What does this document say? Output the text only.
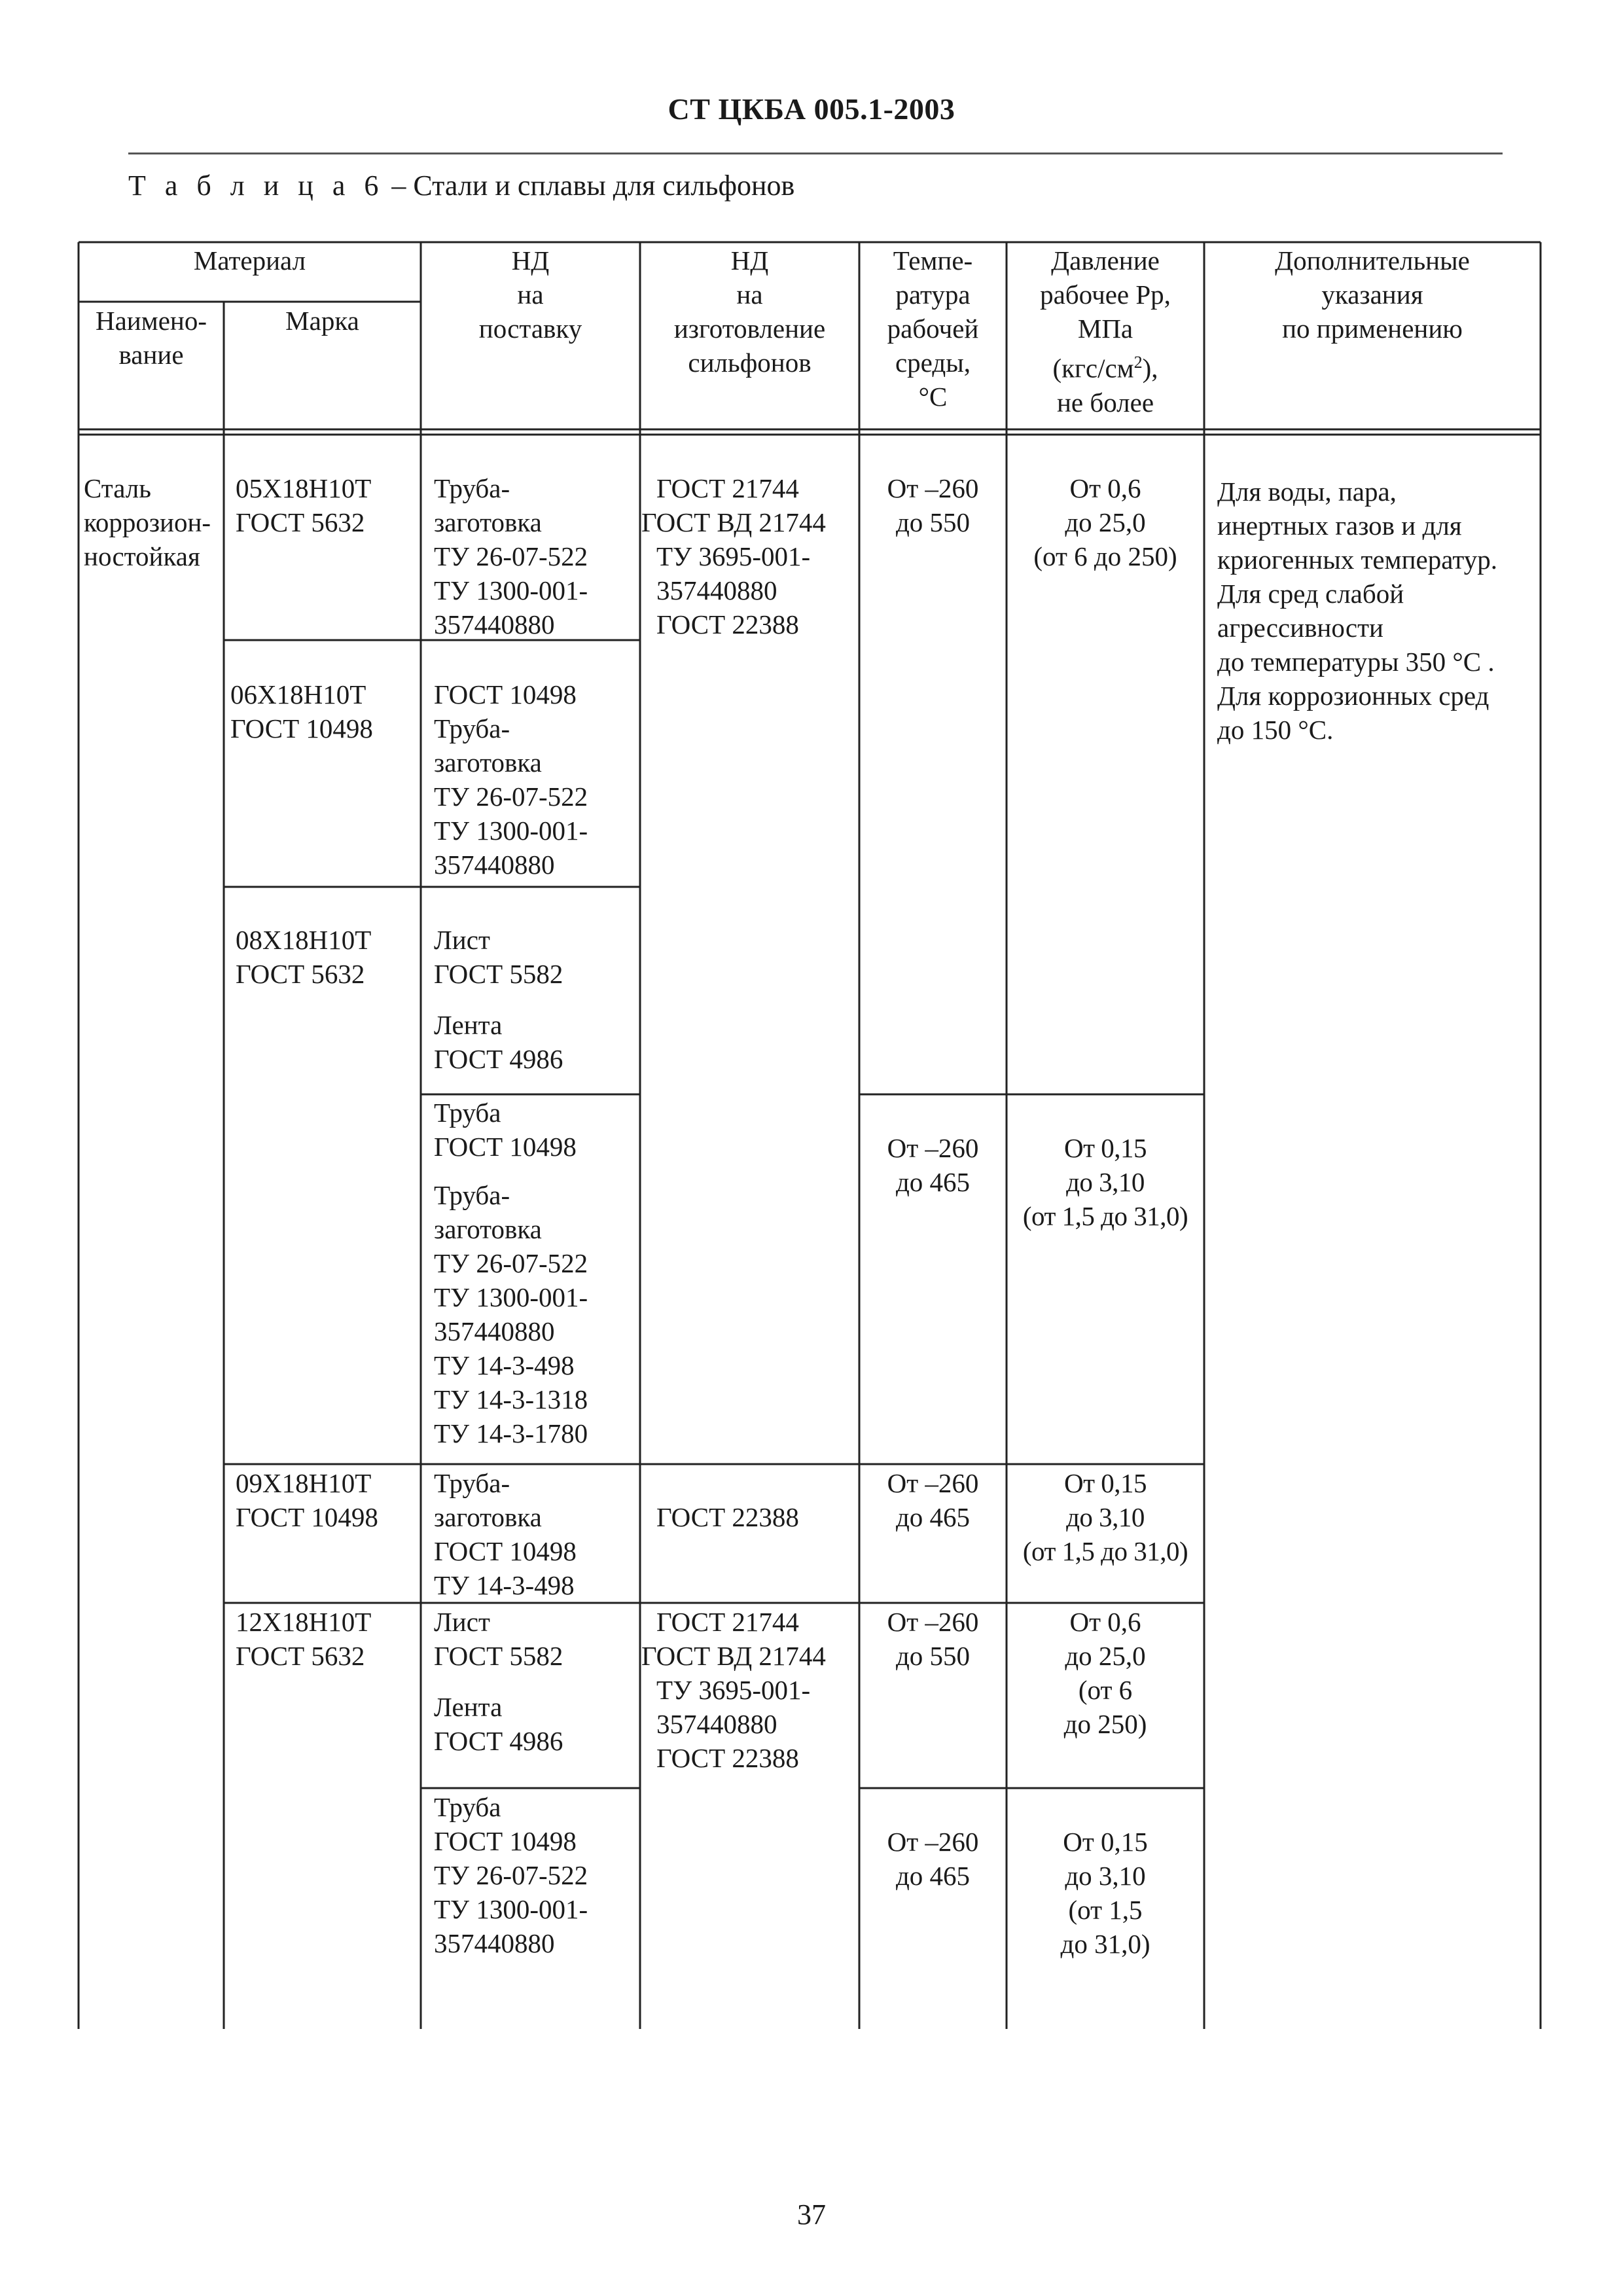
СТ ЦКБА 005.1-2003
Т а б л и ц а 6 – Стали и сплавы для сильфонов
Материал
Наимено-
вание
Марка
НД
на
поставку
НД
на
изготовление
сильфонов
Темпе-
ратура
рабочей
среды,
°С
Давление
рабочее Рр,
МПа
$(кгс/см^2)$,
не более
Дополнительные
указания
по применению
Сталь
коррозион-
ностойкая
05Х18Н10Т
ГОСТ 5632
06Х18Н10Т
ГОСТ 10498
08Х18Н10Т
ГОСТ 5632
09Х18Н10Т
ГОСТ 10498
12Х18Н10Т
ГОСТ 5632
Труба-
заготовка
ТУ 26-07-522
ТУ 1300-001-
357440880
ГОСТ 10498
Труба-
заготовка
ТУ 26-07-522
ТУ 1300-001-
357440880
Лист
ГОСТ 5582
Лента
ГОСТ 4986
Труба
ГОСТ 10498
Труба-
заготовка
ТУ 26-07-522
ТУ 1300-001-
357440880
ТУ 14-3-498
ТУ 14-3-1318
ТУ 14-3-1780
Труба-
заготовка
ГОСТ 10498
ТУ 14-3-498
Лист
ГОСТ 5582
Лента
ГОСТ 4986
Труба
ГОСТ 10498
ТУ 26-07-522
ТУ 1300-001-
357440880
ГОСТ 21744
ГОСТ ВД 21744
ТУ 3695-001-
357440880
ГОСТ 22388
ГОСТ 22388
ГОСТ 21744
ГОСТ ВД 21744
ТУ 3695-001-
357440880
ГОСТ 22388
От –260
до 550
От –260
до 465
От –260
до 465
От –260
до 550
От –260
до 465
От 0,6
до 25,0
(от 6 до 250)
От 0,15
до 3,10
(от 1,5 до 31,0)
От 0,15
до 3,10
(от 1,5 до 31,0)
От 0,6
до 25,0
(от 6
до 250)
От 0,15
до 3,10
(от 1,5
до 31,0)
Для воды, пара,
инертных газов и для
криогенных температур.
Для сред слабой
агрессивности
до температуры 350 °С .
Для коррозионных сред
до 150 °С.
37
